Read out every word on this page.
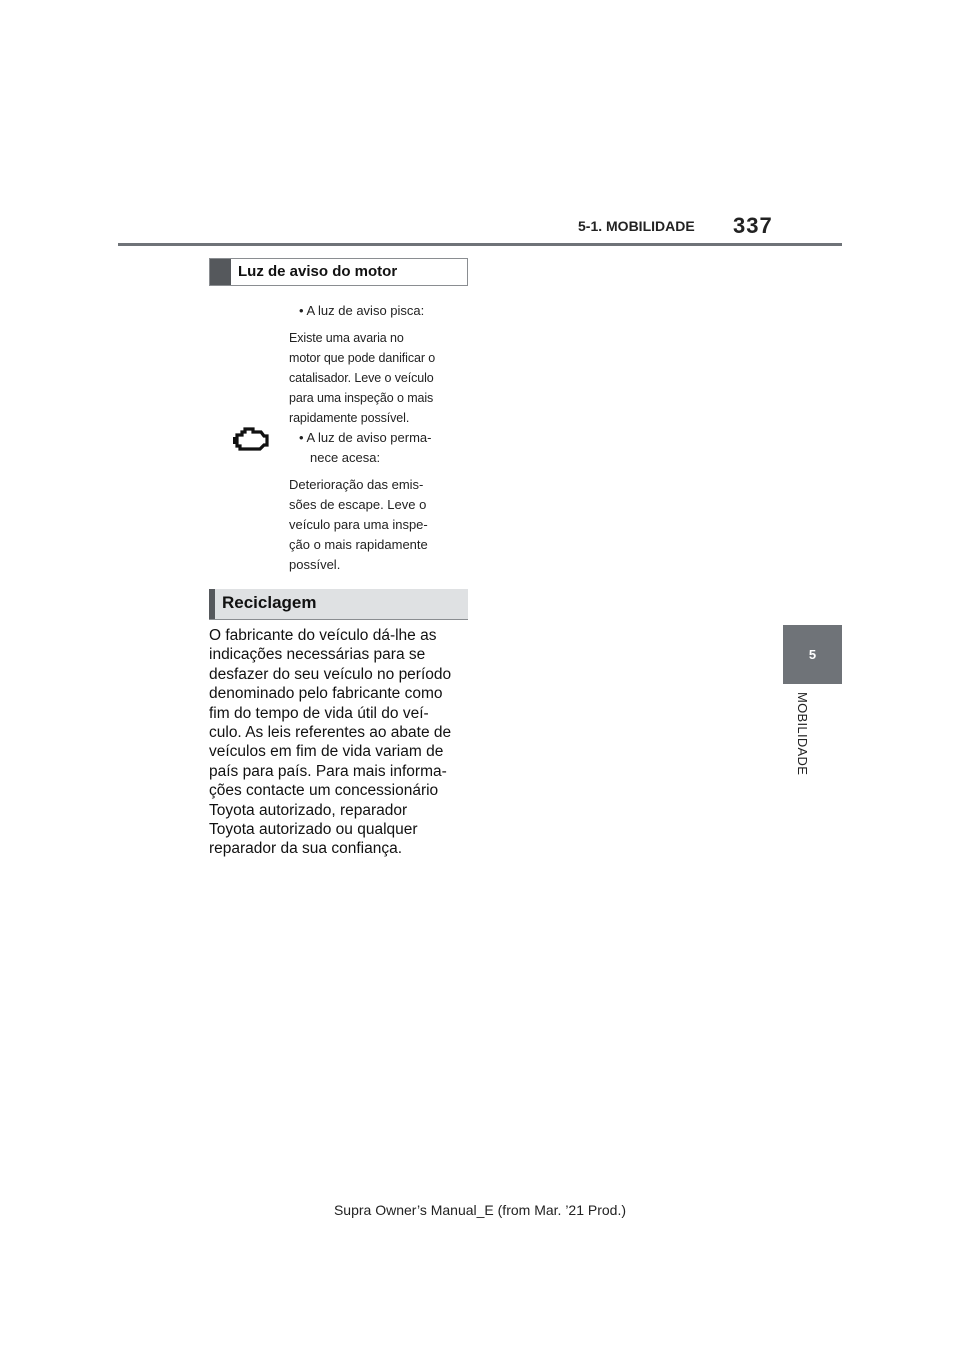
5-1. MOBILIDADE 337
5
MOBILIDADE
Luz de aviso do motor

• A luz de aviso pisca:

Existe uma avaria no
motor que pode danificar o
catalisador. Leve o veículo
para uma inspeção o mais
rapidamente possível.

• A luz de aviso perma-
nece acesa:

Deterioração das emis-
sões de escape. Leve o
veículo para uma inspe-
ção o mais rapidamente
possível.

Reciclagem

O fabricante do veículo dá-lhe as
indicações necessárias para se
desfazer do seu veículo no período
denominado pelo fabricante como
fim do tempo de vida útil do veí-
culo. As leis referentes ao abate de
veículos em fim de vida variam de
país para país. Para mais informa-
ções contacte um concessionário
Toyota autorizado, reparador
Toyota autorizado ou qualquer
reparador da sua confiança.

Supra Owner’s Manual_E (from Mar. ’21 Prod.)
